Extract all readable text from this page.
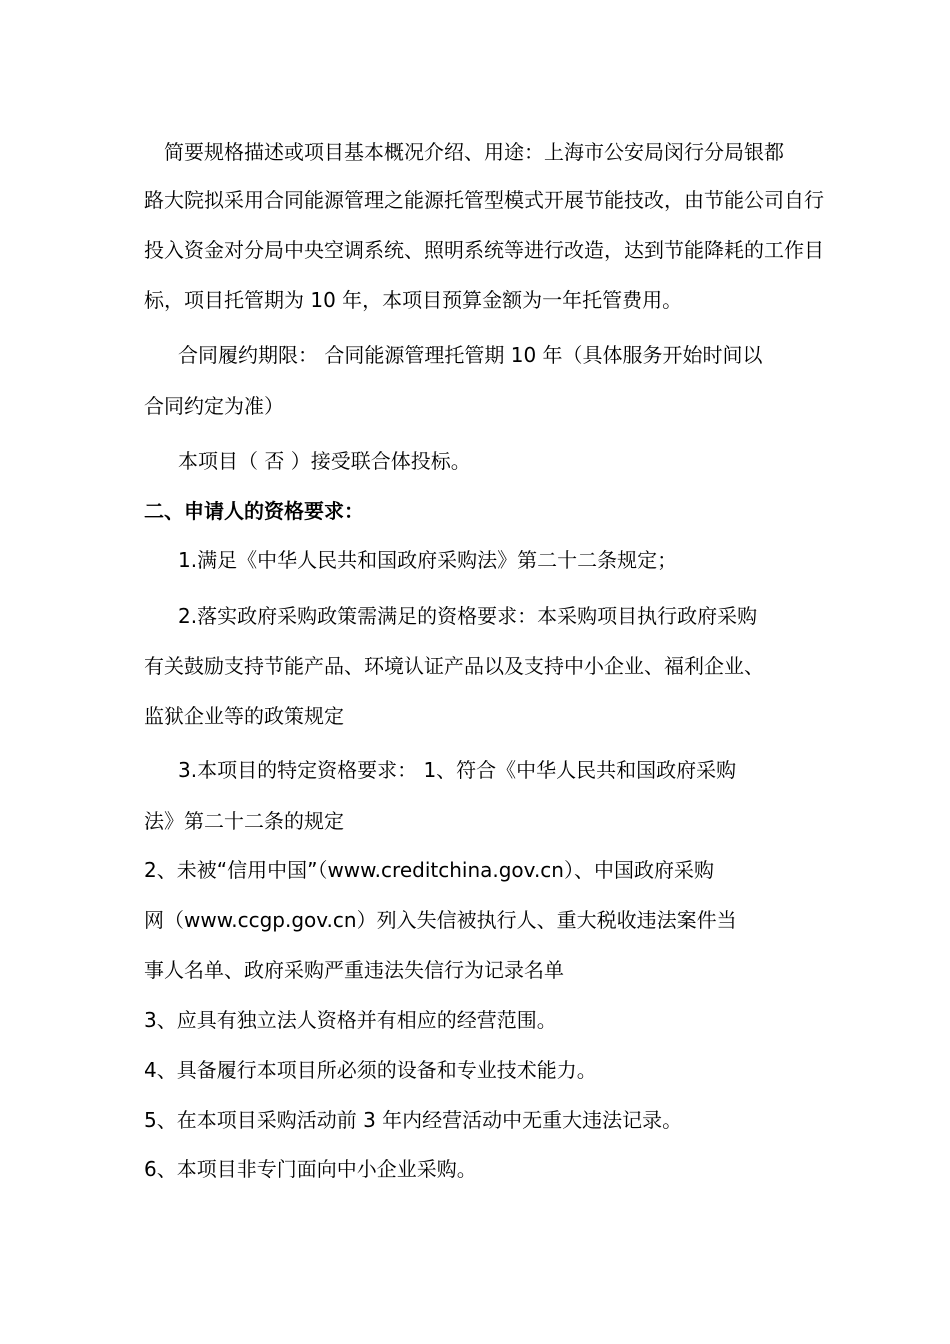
简要规格描述或项目基本概况介绍、用途：上海市公安局闵行分局银都
路大院拟采用合同能源管理之能源托管型模式开展节能技改，由节能公司自行
投入资金对分局中央空调系统、照明系统等进行改造，达到节能降耗的工作目
标，项目托管期为 10 年，本项目预算金额为一年托管费用。
合同履约期限： 合同能源管理托管期 10 年（具体服务开始时间以
合同约定为准）
本项目（ 否 ）接受联合体投标。
二、申请人的资格要求：
1.满足《中华人民共和国政府采购法》第二十二条规定；
2.落实政府采购政策需满足的资格要求：本采购项目执行政府采购
有关鼓励支持节能产品、环境认证产品以及支持中小企业、福利企业、
监狱企业等的政策规定
3.本项目的特定资格要求： 1、符合《中华人民共和国政府采购
法》第二十二条的规定
2、未被“信用中国”（www.creditchina.gov.cn）、中国政府采购
网（www.ccgp.gov.cn）列入失信被执行人、重大税收违法案件当
事人名单、政府采购严重违法失信行为记录名单
3、应具有独立法人资格并有相应的经营范围。
4、具备履行本项目所必须的设备和专业技术能力。
5、在本项目采购活动前 3 年内经营活动中无重大违法记录。
6、本项目非专门面向中小企业采购。
